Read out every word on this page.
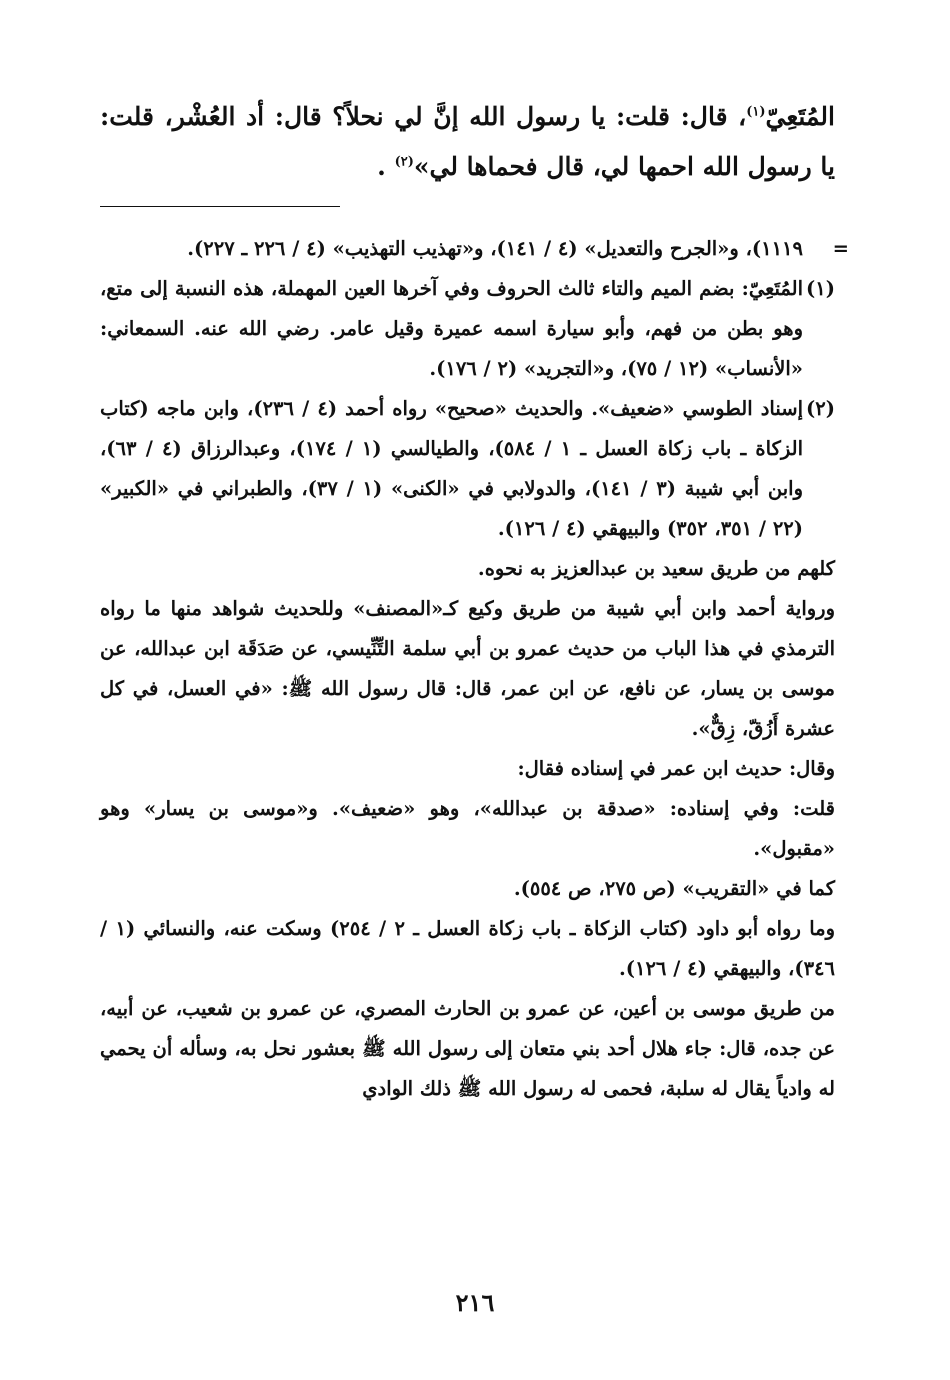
المُتَعِيّ$^{(١)}$، قال: قلت: يا رسول الله إنَّ لي نحلاً؟ قال: أد العُشْر، قلت: يا رسول الله احمها لي، قال فحماها لي»$^{(٢)}$ .

=
١١١٩)، و«الجرح والتعديل» (٤ / ١٤١)، و«تهذيب التهذيب» (٤ / ٢٢٦ ـ ٢٢٧).

(١)
المُتَعِيّ: بضم الميم والتاء ثالث الحروف وفي آخرها العين المهملة، هذه النسبة إلى متع، وهو بطن من فهم، وأبو سيارة اسمه عميرة وقيل عامر. رضي الله عنه. السمعاني: «الأنساب» (١٢ / ٧٥)، و«التجريد» (٢ / ١٧٦).

(٢)
إسناد الطوسي «ضعيف». والحديث «صحيح» رواه أحمد (٤ / ٢٣٦)، وابن ماجه (كتاب الزكاة ـ باب زكاة العسل ـ ١ / ٥٨٤)، والطيالسي (١ / ١٧٤)، وعبدالرزاق (٤ / ٦٣)، وابن أبي شيبة (٣ / ١٤١)، والدولابي في «الكنى» (١ / ٣٧)، والطبراني في «الكبير» (٢٢ / ٣٥١، ٣٥٢) والبيهقي (٤ / ١٢٦).

كلهم من طريق سعيد بن عبدالعزيز به نحوه.

ورواية أحمد وابن أبي شيبة من طريق وكيع كـ«المصنف» وللحديث شواهد منها ما رواه الترمذي في هذا الباب من حديث عمرو بن أبي سلمة التِّنِّيسي، عن صَدَقَة ابن عبدالله، عن موسى بن يسار، عن نافع، عن ابن عمر، قال: قال رسول الله ﷺ: «في العسل، في كل عشرة أَزُقّ، زِقٌّ».

وقال: حديث ابن عمر في إسناده فقال:

قلت: وفي إسناده: «صدقة بن عبدالله»، وهو «ضعيف». و«موسى بن يسار» وهو «مقبول».

كما في «التقريب» (ص ٢٧٥، ص ٥٥٤).

وما رواه أبو داود (كتاب الزكاة ـ باب زكاة العسل ـ ٢ / ٢٥٤) وسكت عنه، والنسائي (١ / ٣٤٦)، والبيهقي (٤ / ١٢٦).

من طريق موسى بن أعين، عن عمرو بن الحارث المصري، عن عمرو بن شعيب، عن أبيه، عن جده، قال: جاء هلال أحد بني متعان إلى رسول الله ﷺ بعشور نحل به، وسأله أن يحمي له وادياً يقال له سلبة، فحمى له رسول الله ﷺ ذلك الوادي

٢١٦
